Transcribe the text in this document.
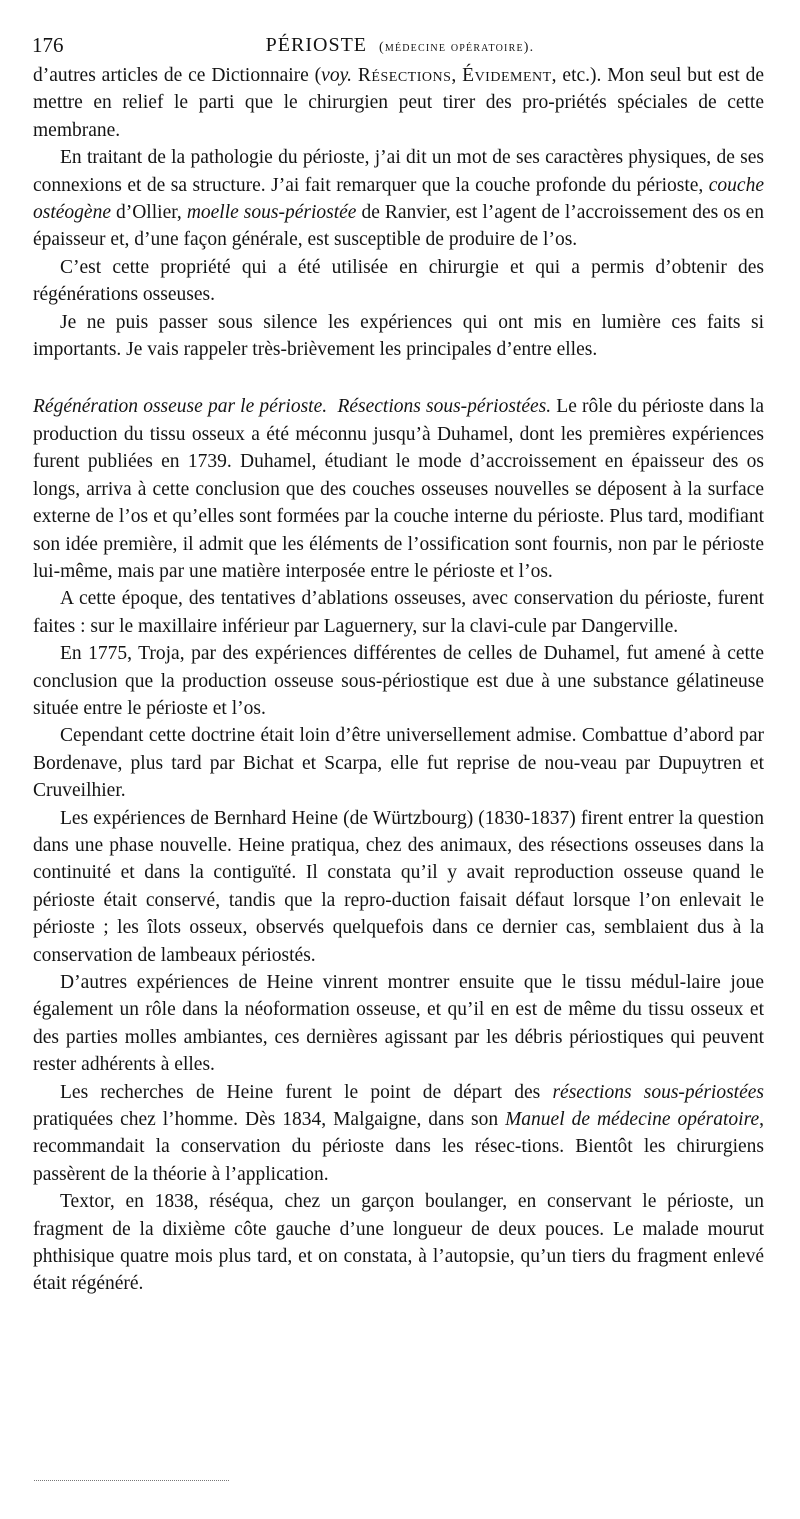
176	PÉRIOSTE (médecine opératoire).

d’autres articles de ce Dictionnaire (voy. Résections, Évidement, etc.). Mon seul but est de mettre en relief le parti que le chirurgien peut tirer des pro-priétés spéciales de cette membrane.

En traitant de la pathologie du périoste, j’ai dit un mot de ses caractères physiques, de ses connexions et de sa structure. J’ai fait remarquer que la couche profonde du périoste, couche ostéogène d’Ollier, moelle sous-périostée de Ranvier, est l’agent de l’accroissement des os en épaisseur et, d’une façon générale, est susceptible de produire de l’os.

C’est cette propriété qui a été utilisée en chirurgie et qui a permis d’obtenir des régénérations osseuses.

Je ne puis passer sous silence les expériences qui ont mis en lumière ces faits si importants. Je vais rappeler très-brièvement les principales d’entre elles.

Régénération osseuse par le périoste. Résections sous-périostées. Le rôle du périoste dans la production du tissu osseux a été méconnu jusqu’à Duhamel, dont les premières expériences furent publiées en 1739. Duhamel, étudiant le mode d’accroissement en épaisseur des os longs, arriva à cette conclusion que des couches osseuses nouvelles se déposent à la surface externe de l’os et qu’elles sont formées par la couche interne du périoste. Plus tard, modifiant son idée première, il admit que les éléments de l’ossification sont fournis, non par le périoste lui-même, mais par une matière interposée entre le périoste et l’os.

A cette époque, des tentatives d’ablations osseuses, avec conservation du périoste, furent faites : sur le maxillaire inférieur par Laguernery, sur la clavi-cule par Dangerville.

En 1775, Troja, par des expériences différentes de celles de Duhamel, fut amené à cette conclusion que la production osseuse sous-périostique est due à une substance gélatineuse située entre le périoste et l’os.

Cependant cette doctrine était loin d’être universellement admise. Combattue d’abord par Bordenave, plus tard par Bichat et Scarpa, elle fut reprise de nou-veau par Dupuytren et Cruveilhier.

Les expériences de Bernhard Heine (de Würtzbourg) (1830-1837) firent entrer la question dans une phase nouvelle. Heine pratiqua, chez des animaux, des résections osseuses dans la continuité et dans la contiguïté. Il constata qu’il y avait reproduction osseuse quand le périoste était conservé, tandis que la repro-duction faisait défaut lorsque l’on enlevait le périoste ; les îlots osseux, observés quelquefois dans ce dernier cas, semblaient dus à la conservation de lambeaux périostés.

D’autres expériences de Heine vinrent montrer ensuite que le tissu médul-laire joue également un rôle dans la néoformation osseuse, et qu’il en est de même du tissu osseux et des parties molles ambiantes, ces dernières agissant par les débris périostiques qui peuvent rester adhérents à elles.

Les recherches de Heine furent le point de départ des résections sous-périostées pratiquées chez l’homme. Dès 1834, Malgaigne, dans son Manuel de médecine opératoire, recommandait la conservation du périoste dans les résec-tions. Bientôt les chirurgiens passèrent de la théorie à l’application.

Textor, en 1838, réséqua, chez un garçon boulanger, en conservant le périoste, un fragment de la dixième côte gauche d’une longueur de deux pouces. Le malade mourut phthisique quatre mois plus tard, et on constata, à l’autopsie, qu’un tiers du fragment enlevé était régénéré.
